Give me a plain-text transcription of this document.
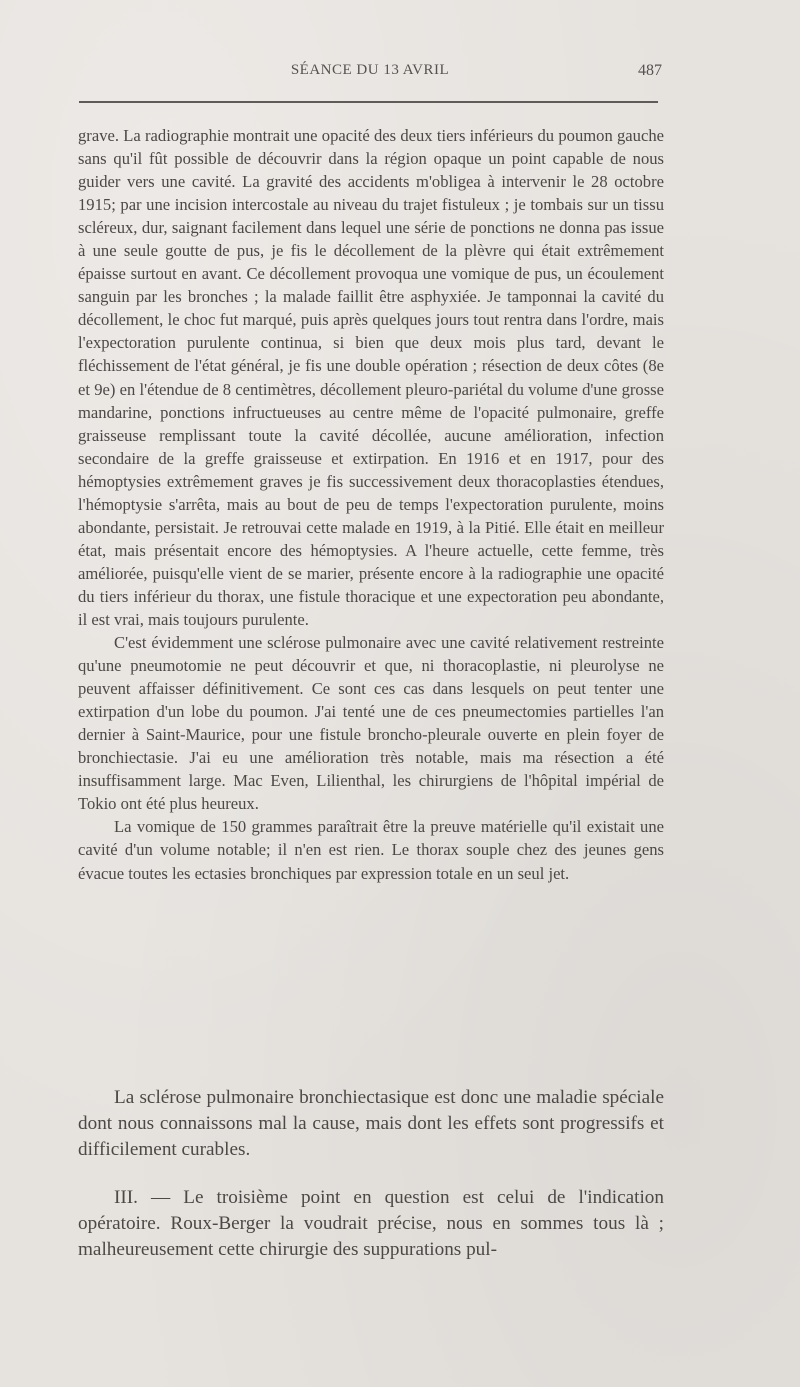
SÉANCE DU 13 AVRIL	487

grave. La radiographie montrait une opacité des deux tiers inférieurs du poumon gauche sans qu'il fût possible de découvrir dans la région opaque un point capable de nous guider vers une cavité. La gravité des accidents m'obligea à intervenir le 28 octobre 1915; par une incision intercostale au niveau du trajet fistuleux ; je tombais sur un tissu scléreux, dur, saignant facilement dans lequel une série de ponctions ne donna pas issue à une seule goutte de pus, je fis le décollement de la plèvre qui était extrêmement épaisse surtout en avant. Ce décollement provoqua une vomique de pus, un écoulement sanguin par les bronches ; la malade faillit être asphyxiée. Je tamponnai la cavité du décollement, le choc fut marqué, puis après quelques jours tout rentra dans l'ordre, mais l'expectoration purulente continua, si bien que deux mois plus tard, devant le fléchissement de l'état général, je fis une double opération ; résection de deux côtes (8e et 9e) en l'étendue de 8 centimètres, décollement pleuro-pariétal du volume d'une grosse mandarine, ponctions infructueuses au centre même de l'opacité pulmonaire, greffe graisseuse remplissant toute la cavité décollée, aucune amélioration, infection secondaire de la greffe graisseuse et extirpation. En 1916 et en 1917, pour des hémoptysies extrêmement graves je fis successivement deux thoracoplasties étendues, l'hémoptysie s'arrêta, mais au bout de peu de temps l'expectoration purulente, moins abondante, persistait. Je retrouvai cette malade en 1919, à la Pitié. Elle était en meilleur état, mais présentait encore des hémoptysies. A l'heure actuelle, cette femme, très améliorée, puisqu'elle vient de se marier, présente encore à la radiographie une opacité du tiers inférieur du thorax, une fistule thoracique et une expectoration peu abondante, il est vrai, mais toujours purulente.

C'est évidemment une sclérose pulmonaire avec une cavité relativement restreinte qu'une pneumotomie ne peut découvrir et que, ni thoracoplastie, ni pleurolyse ne peuvent affaisser définitivement. Ce sont ces cas dans lesquels on peut tenter une extirpation d'un lobe du poumon. J'ai tenté une de ces pneumectomies partielles l'an dernier à Saint-Maurice, pour une fistule broncho-pleurale ouverte en plein foyer de bronchiectasie. J'ai eu une amélioration très notable, mais ma résection a été insuffisamment large. Mac Even, Lilienthal, les chirurgiens de l'hôpital impérial de Tokio ont été plus heureux.

La vomique de 150 grammes paraîtrait être la preuve matérielle qu'il existait une cavité d'un volume notable; il n'en est rien. Le thorax souple chez des jeunes gens évacue toutes les ectasies bronchiques par expression totale en un seul jet.

La sclérose pulmonaire bronchiectasique est donc une maladie spéciale dont nous connaissons mal la cause, mais dont les effets sont progressifs et difficilement curables.

III. — Le troisième point en question est celui de l'indication opératoire. Roux-Berger la voudrait précise, nous en sommes tous là ; malheureusement cette chirurgie des suppurations pul-
